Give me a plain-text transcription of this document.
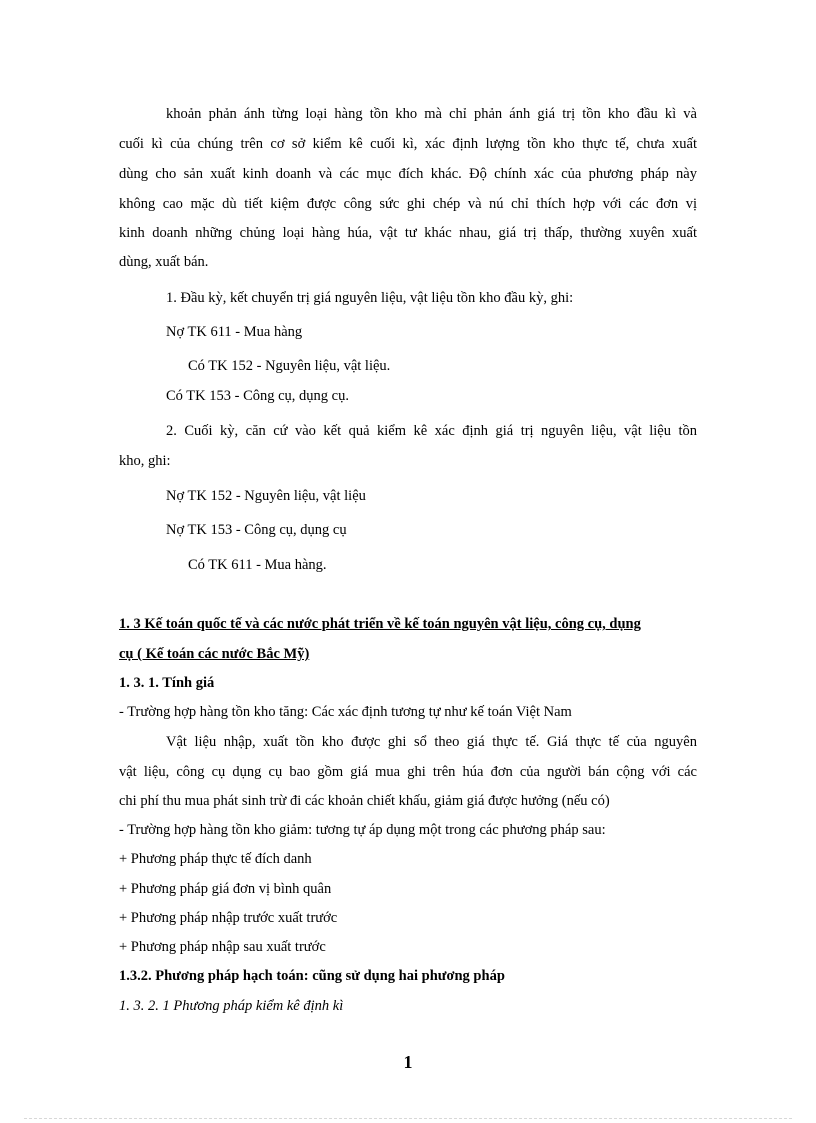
khoản phản ánh từng loại hàng tồn kho mà chỉ phản ánh giá trị tồn kho đầu kì và
cuối kì của chúng trên cơ sở kiểm kê cuối kì, xác định lượng tồn kho thực tế, chưa xuất
dùng cho sản xuất kinh doanh và các mục đích khác. Độ chính xác của phương pháp này
không cao mặc dù tiết kiệm được công sức ghi chép và nú chỉ thích hợp với các đơn vị
kinh doanh những chủng loại hàng húa, vật tư khác nhau, giá trị thấp, thường xuyên xuất
dùng, xuất bán.
1. Đầu kỳ, kết chuyển trị giá nguyên liệu, vật liệu tồn kho đầu kỳ, ghi:
Nợ TK 611 - Mua hàng
Có TK 152 - Nguyên liệu, vật liệu.
Có TK 153 - Công cụ, dụng cụ.
2. Cuối kỳ, căn cứ vào kết quả kiểm kê xác định giá trị nguyên liệu, vật liệu tồn
kho, ghi:
Nợ TK 152 - Nguyên liệu, vật liệu
Nợ TK 153 - Công cụ, dụng cụ
Có TK 611 - Mua hàng.
1. 3 Kế toán quốc tế và các nước phát triển về kế toán nguyên vật liệu, công cụ, dụng
cụ ( Kế toán các nước Bắc Mỹ)
1. 3. 1. Tính giá
- Trường hợp hàng tồn kho tăng: Các xác định tương tự như kế toán Việt Nam
Vật liệu nhập, xuất tồn kho được ghi sổ theo giá thực tế. Giá thực tế của nguyên
vật liệu, công cụ dụng cụ bao gồm giá mua ghi trên húa đơn của người bán cộng với các
chi phí thu mua phát sinh trừ đi các khoản chiết khấu, giảm giá được hưởng (nếu có)
- Trường hợp hàng tồn kho giảm: tương tự áp dụng một trong các phương pháp sau:
+ Phương pháp thực tế đích danh
+ Phương pháp giá đơn vị bình quân
+ Phương pháp nhập trước xuất trước
+ Phương pháp nhập sau xuất trước
1.3.2. Phương pháp hạch toán: cũng sử dụng hai phương pháp
1. 3. 2. 1 Phương pháp kiểm kê định kì
1
